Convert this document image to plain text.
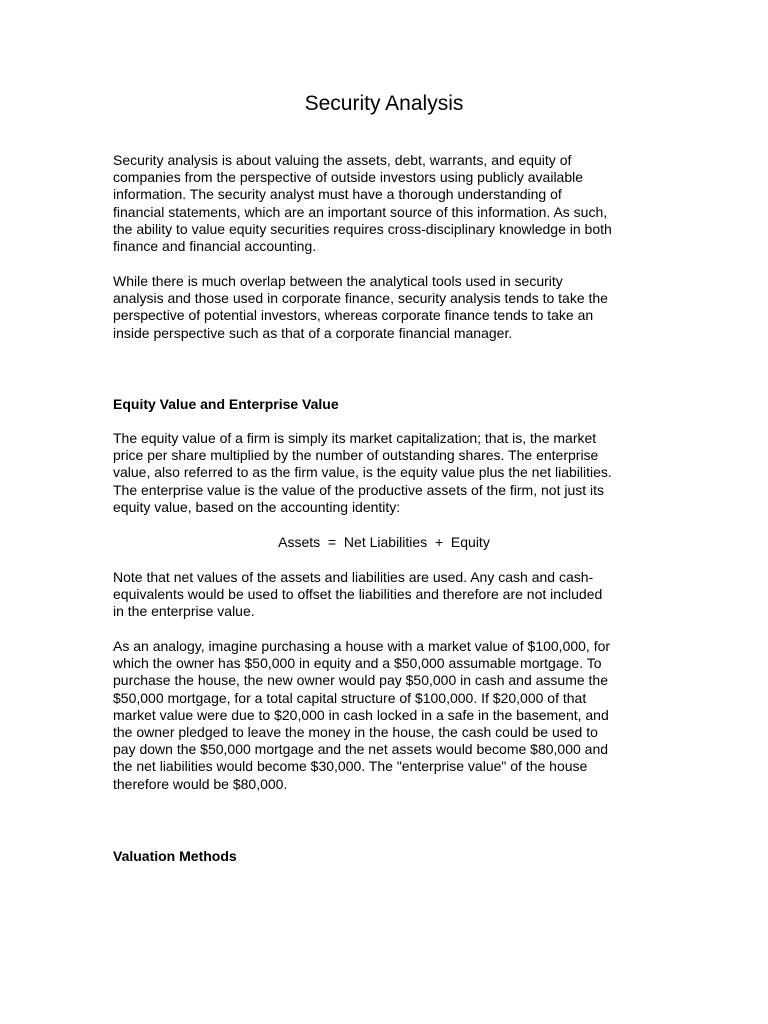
Security Analysis

Security analysis is about valuing the assets, debt, warrants, and equity of
companies from the perspective of outside investors using publicly available
information. The security analyst must have a thorough understanding of
financial statements, which are an important source of this information. As such,
the ability to value equity securities requires cross-disciplinary knowledge in both
finance and financial accounting.

While there is much overlap between the analytical tools used in security
analysis and those used in corporate finance, security analysis tends to take the
perspective of potential investors, whereas corporate finance tends to take an
inside perspective such as that of a corporate financial manager.

Equity Value and Enterprise Value

The equity value of a firm is simply its market capitalization; that is, the market
price per share multiplied by the number of outstanding shares. The enterprise
value, also referred to as the firm value, is the equity value plus the net liabilities.
The enterprise value is the value of the productive assets of the firm, not just its
equity value, based on the accounting identity:

Assets  =  Net Liabilities  +  Equity

Note that net values of the assets and liabilities are used. Any cash and cash-
equivalents would be used to offset the liabilities and therefore are not included
in the enterprise value.

As an analogy, imagine purchasing a house with a market value of $100,000, for
which the owner has $50,000 in equity and a $50,000 assumable mortgage. To
purchase the house, the new owner would pay $50,000 in cash and assume the
$50,000 mortgage, for a total capital structure of $100,000. If $20,000 of that
market value were due to $20,000 in cash locked in a safe in the basement, and
the owner pledged to leave the money in the house, the cash could be used to
pay down the $50,000 mortgage and the net assets would become $80,000 and
the net liabilities would become $30,000. The "enterprise value" of the house
therefore would be $80,000.

Valuation Methods
